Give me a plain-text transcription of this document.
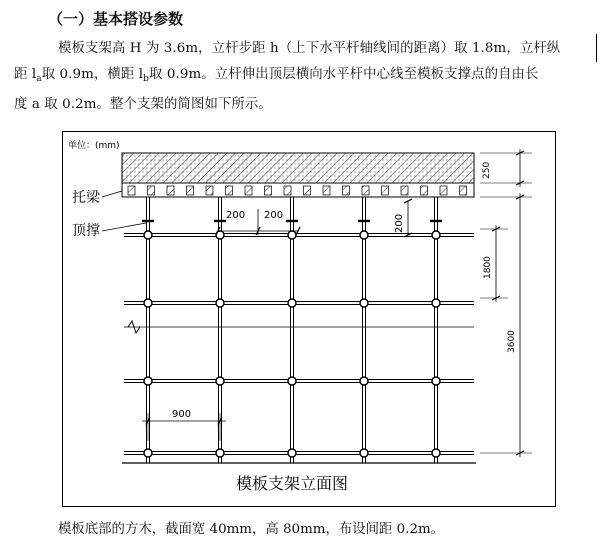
（一）基本搭设参数
模板支架高 H 为 3.6m，立杆步距 h（上下水平杆轴线间的距离）取 1.8m，立杆纵
距 $l_a$取 0.9m，横距 $l_b$取 0.9m。立杆伸出顶层横向水平杆中心线至模板支撑点的自由长
度 a 取 0.2m。整个支架的简图如下所示。
单位：(mm)
托梁
顶撑
200 200	200
250
1800
3600
900
模板支架立面图
模板底部的方木，截面宽 40mm，高 80mm，布设间距 0.2m。
